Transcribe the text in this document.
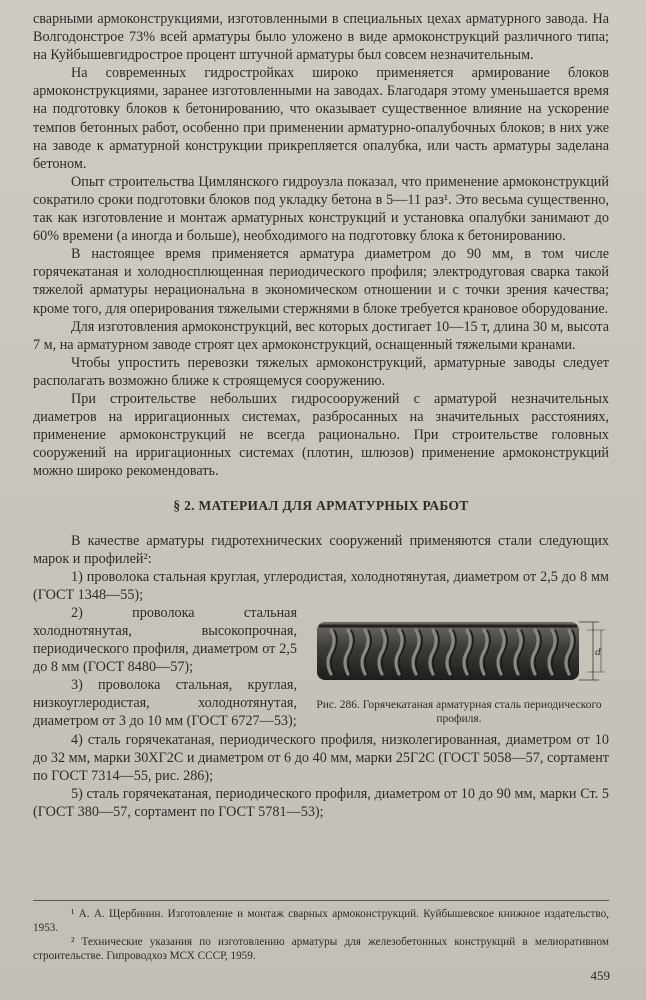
сварными армоконструкциями, изготовленными в специальных цехах арматурного завода. На Волгодонстрое 73% всей арматуры было уложено в виде армоконструкций различного типа; на Куйбышевгидрострое процент штучной арматуры был совсем незначительным.

На современных гидростройках широко применяется армирование блоков армоконструкциями, заранее изготовленными на заводах. Благодаря этому уменьшается время на подготовку блоков к бетонированию, что оказывает существенное влияние на ускорение темпов бетонных работ, особенно при применении арматурно-опалубочных блоков; в них уже на заводе к арматурной конструкции прикрепляется опалубка, или часть арматуры заделана бетоном.

Опыт строительства Цимлянского гидроузла показал, что применение армоконструкций сократило сроки подготовки блоков под укладку бетона в 5—11 раз¹. Это весьма существенно, так как изготовление и монтаж арматурных конструкций и установка опалубки занимают до 60% времени (а иногда и больше), необходимого на подготовку блока к бетонированию.

В настоящее время применяется арматура диаметром до 90 мм, в том числе горячекатаная и холодносплющенная периодического профиля; электродуговая сварка такой тяжелой арматуры нерациональна в экономическом отношении и с точки зрения качества; кроме того, для оперирования тяжелыми стержнями в блоке требуется крановое оборудование.

Для изготовления армоконструкций, вес которых достигает 10—15 т, длина 30 м, высота 7 м, на арматурном заводе строят цех армоконструкций, оснащенный тяжелыми кранами.

Чтобы упростить перевозки тяжелых армоконструкций, арматурные заводы следует располагать возможно ближе к строящемуся сооружению.

При строительстве небольших гидросооружений с арматурой незначительных диаметров на ирригационных системах, разбросанных на значительных расстояниях, применение армоконструкций не всегда рационально. При строительстве головных сооружений на ирригационных системах (плотин, шлюзов) применение армоконструкций можно широко рекомендовать.

§ 2. МАТЕРИАЛ ДЛЯ АРМАТУРНЫХ РАБОТ

В качестве арматуры гидротехнических сооружений применяются стали следующих марок и профилей²:

1) проволока стальная круглая, углеродистая, холоднотянутая, диаметром от 2,5 до 8 мм (ГОСТ 1348—55);

d
Рис. 286. Горячекатаная арматурная сталь периодического профиля.

2) проволока стальная холоднотянутая, высокопрочная, периодического профиля, диаметром от 2,5 до 8 мм (ГОСТ 8480—57);

3) проволока стальная, круглая, низкоуглеродистая, холоднотянутая, диаметром от 3 до 10 мм (ГОСТ 6727—53);

4) сталь горячекатаная, периодического профиля, низколегированная, диаметром от 10 до 32 мм, марки 30ХГ2С и диаметром от 6 до 40 мм, марки 25Г2С (ГОСТ 5058—57, сортамент по ГОСТ 7314—55, рис. 286);

5) сталь горячекатаная, периодического профиля, диаметром от 10 до 90 мм, марки Ст. 5 (ГОСТ 380—57, сортамент по ГОСТ 5781—53);

¹ А. А. Щербинин. Изготовление и монтаж сварных армоконструкций. Куйбышевское книжное издательство, 1953.

² Технические указания по изготовлению арматуры для железобетонных конструкций в мелиоративном строительстве. Гипроводхоз МСХ СССР, 1959.

459
